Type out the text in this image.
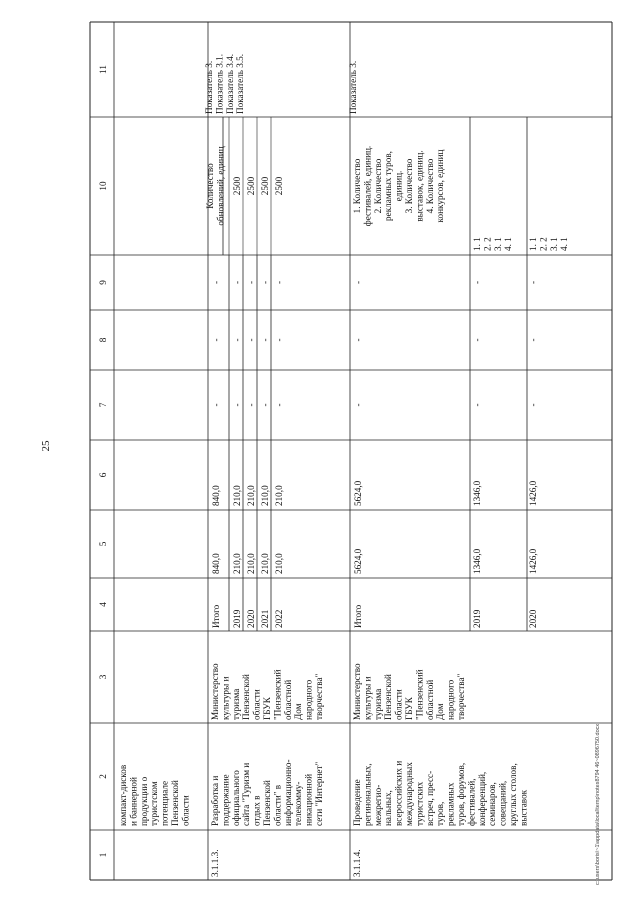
25
1
2
3
4
5
6
7
8
9
10
11
компакт-дисков и баннерной продукции о туристском потенциале Пензенской области
3.1.1.3.
Разработка и поддержание официального сайта "Туризм и отдых в Пензенской области" в информационно- телекомму- никационной сети "Интернет"
Министерство культуры и туризма Пензенской области ГБУК "Пензенский областной Дом народного творчества"
Итого
840,0
840,0
-
-
-
2019
210,0
210,0
-
-
-
2020
210,0
210,0
-
-
-
2021
210,0
210,0
-
-
-
2022
210,0
210,0
-
-
-
Количество обновлений, единиц 2500 2500 2500 2500
Показатель 3. Показатель 3.1. Показатель 3.4. Показатель 3.5.
3.1.1.4.
Проведение регинональных, межрегио- нальных, всероссийских и международных туристских встреч, пресс- туров, рекламных туров, форумов, фестивалей, конференций, семинаров, совещаний, круглых столов, выставок
Министерство культуры и туризма Пензенской области ГБУК "Пензенский областной Дом народного творчества"
Итого
5624,0
5624,0
-
-
-
2019
1346,0
1346,0
-
-
-
2020
1426,0
1426,0
-
-
-
1. Количество фестивалей, единиц. 2. Количество рекламных туров, единиц. 3. Количество выставок, единиц. 4. Количество конкурсов, единиц
1. 1 2. 2 3. 1 4. 1 1. 1 2. 2 3. 1 4. 1
Показатель 3.
c:\users\boris\~1\appdata\local\temp\notes8794 46~0896750.docx
